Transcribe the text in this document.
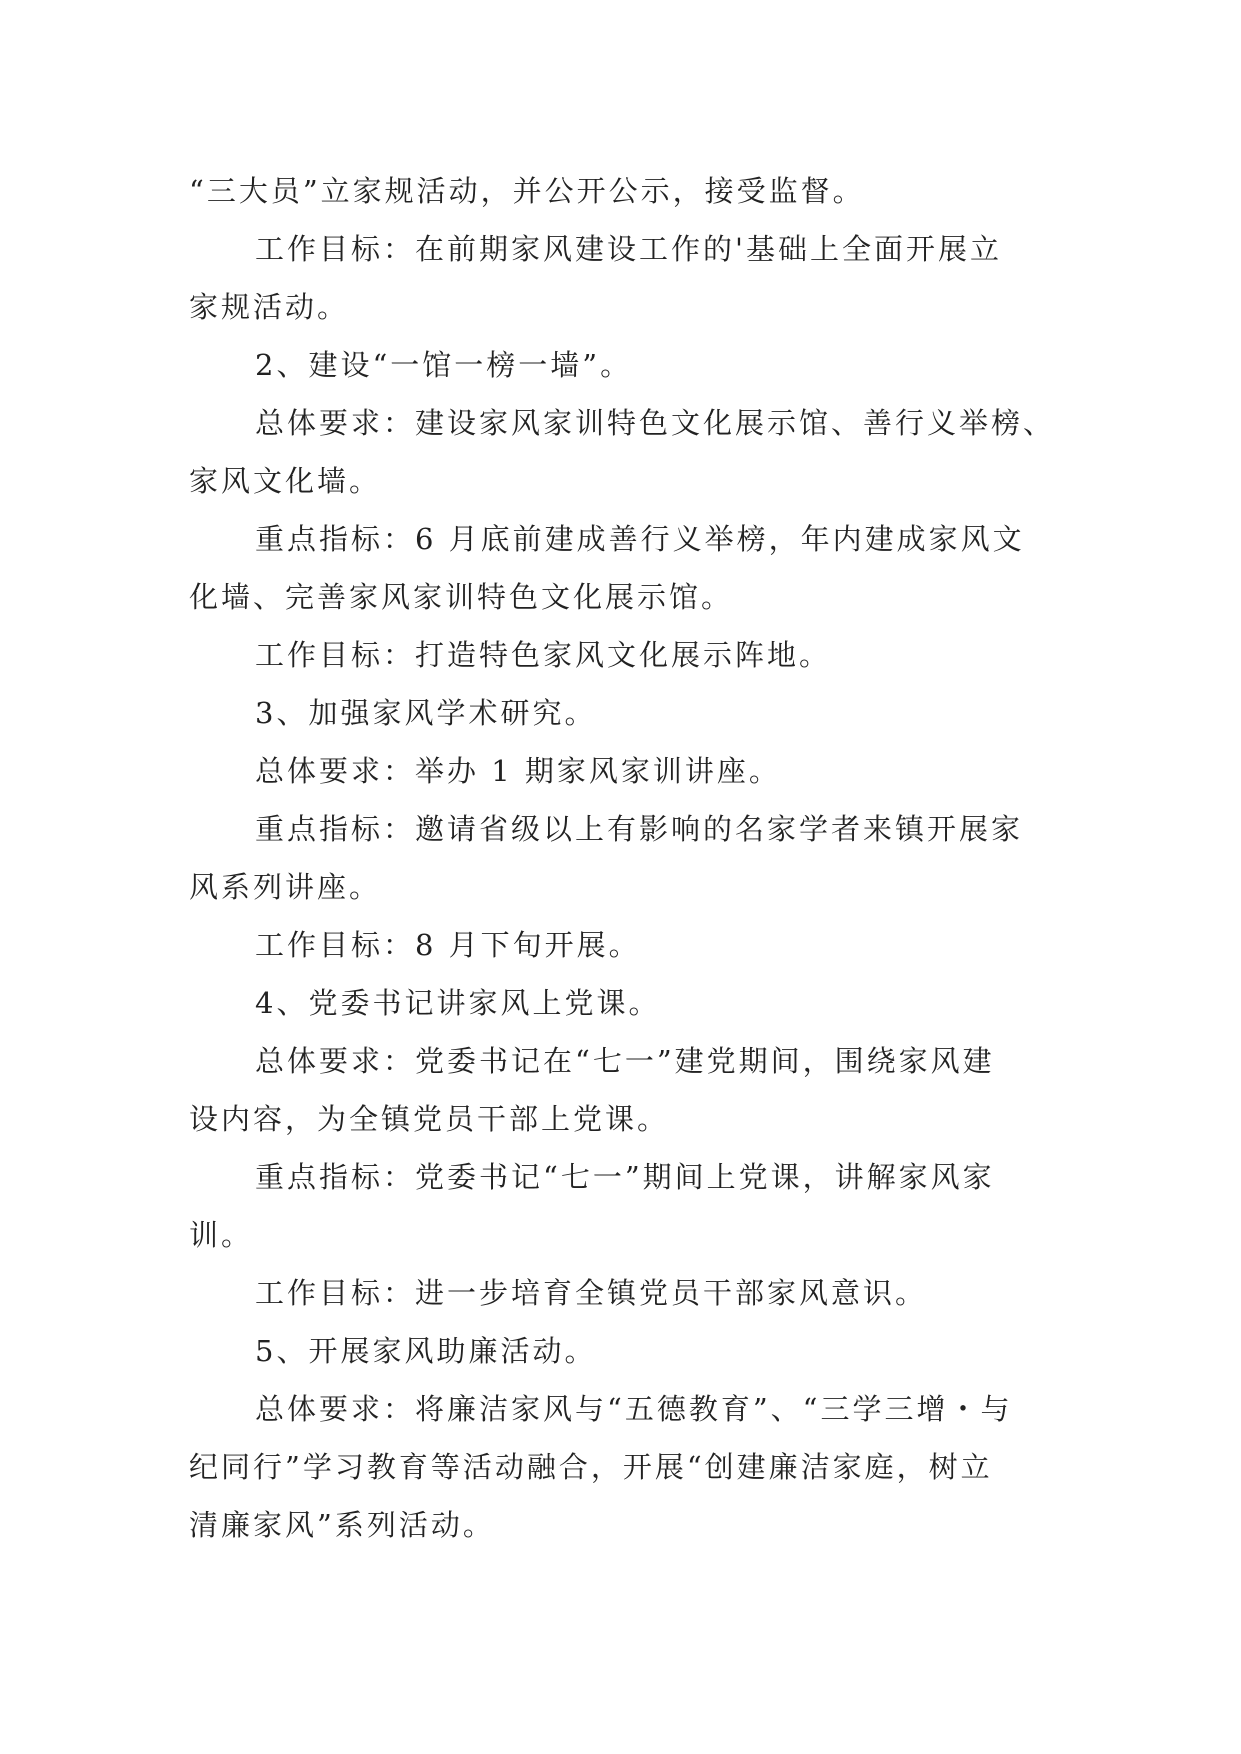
“三大员”立家规活动，并公开公示，接受监督。
工作目标：在前期家风建设工作的'基础上全面开展立
家规活动。
2、建设“一馆一榜一墙”。
总体要求：建设家风家训特色文化展示馆、善行义举榜、
家风文化墙。
重点指标：6 月底前建成善行义举榜，年内建成家风文
化墙、完善家风家训特色文化展示馆。
工作目标：打造特色家风文化展示阵地。
3、加强家风学术研究。
总体要求：举办 1 期家风家训讲座。
重点指标：邀请省级以上有影响的名家学者来镇开展家
风系列讲座。
工作目标：8 月下旬开展。
4、党委书记讲家风上党课。
总体要求：党委书记在“七一”建党期间，围绕家风建
设内容，为全镇党员干部上党课。
重点指标：党委书记“七一”期间上党课，讲解家风家
训。
工作目标：进一步培育全镇党员干部家风意识。
5、开展家风助廉活动。
总体要求：将廉洁家风与“五德教育”、“三学三增・与
纪同行”学习教育等活动融合，开展“创建廉洁家庭，树立
清廉家风”系列活动。
